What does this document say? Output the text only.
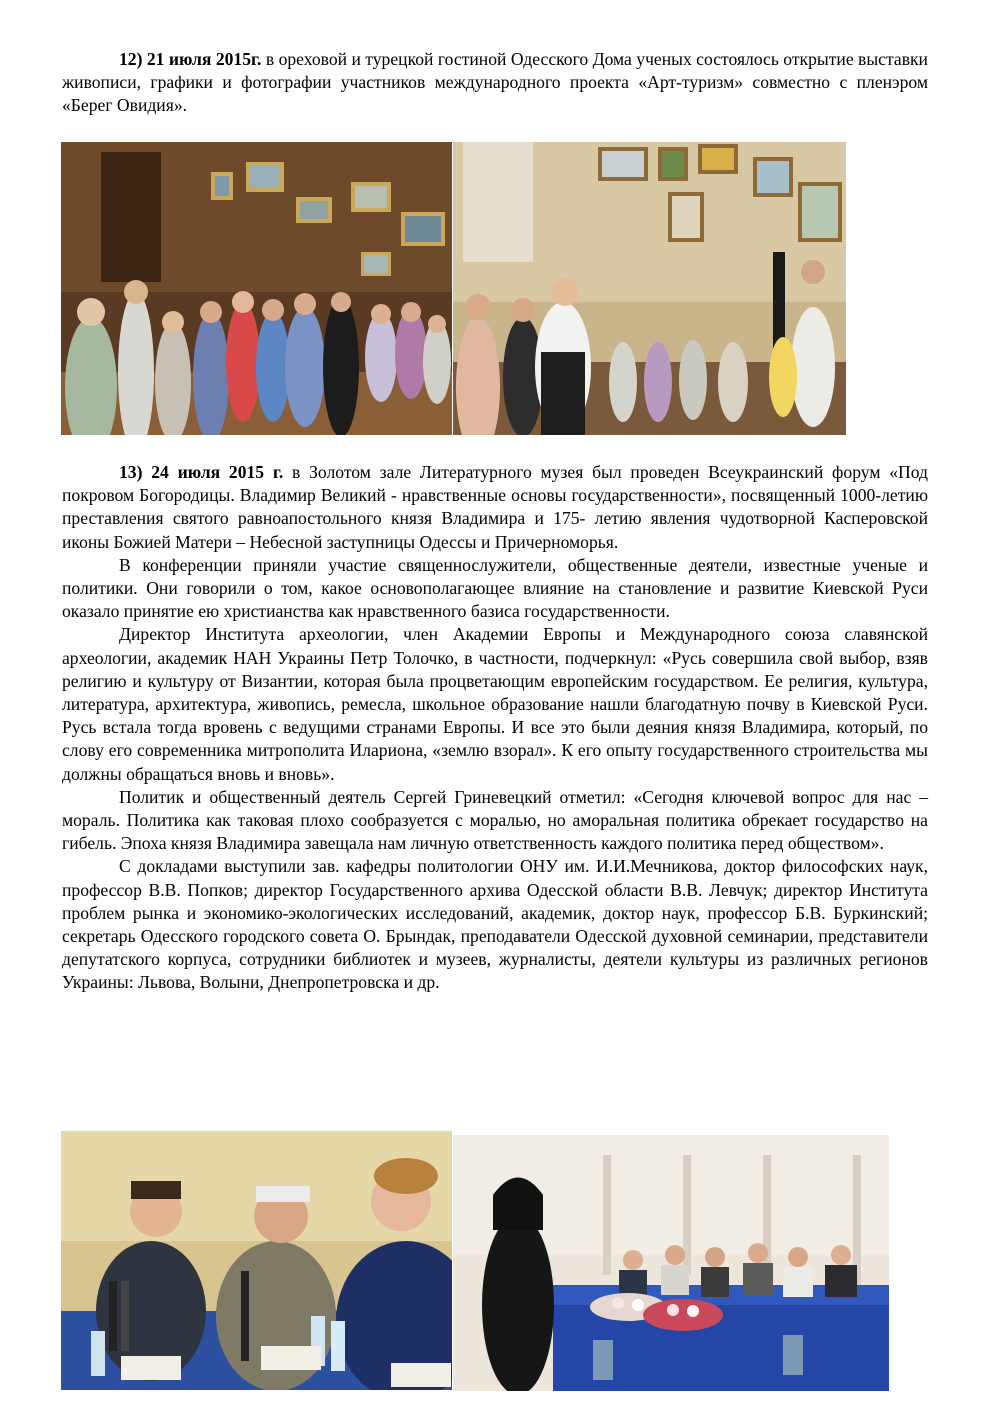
12) 21 июля 2015г. в ореховой и турецкой гостиной Одесского Дома ученых состоялось открытие выставки живописи, графики и фотографии участников международного проекта «Арт-туризм» совместно с пленэром «Берег Овидия».

13) 24 июля 2015 г. в Золотом зале Литературного музея был проведен Всеукраинский форум «Под покровом Богородицы. Владимир Великий - нравственные основы государственности», посвященный 1000-летию преставления святого равноапостольного князя Владимира и 175- летию явления чудотворной Касперовской иконы Божией Матери – Небесной заступницы Одессы и Причерноморья.

В конференции приняли участие священнослужители, общественные деятели, известные ученые и политики. Они говорили о том, какое основополагающее влияние на становление и развитие Киевской Руси оказало принятие ею христианства как нравственного базиса государственности.

Директор Института археологии, член Академии Европы и Международного союза славянской археологии, академик НАН Украины Петр Толочко, в частности, подчеркнул: «Русь совершила свой выбор, взяв религию и культуру от Византии, которая была процветающим европейским государством. Ее религия, культура, литература, архитектура, живопись, ремесла, школьное образование нашли благодатную почву в Киевской Руси. Русь встала тогда вровень с ведущими странами Европы. И все это были деяния князя Владимира, который, по слову его современника митрополита Илариона, «землю взорал». К его опыту государственного строительства мы должны обращаться вновь и вновь».

Политик и общественный деятель Сергей Гриневецкий отметил: «Сегодня ключевой вопрос для нас – мораль. Политика как таковая плохо сообразуется с моралью, но аморальная политика обрекает государство на гибель. Эпоха князя Владимира завещала нам личную ответственность каждого политика перед обществом».

С докладами выступили зав. кафедры политологии ОНУ им. И.И.Мечникова, доктор философских наук, профессор В.В. Попков; директор Государственного архива Одесской области В.В. Левчук; директор Института проблем рынка и экономико-экологических исследований, академик, доктор наук, профессор Б.В. Буркинский; секретарь Одесского городского совета О. Брындак, преподаватели Одесской духовной семинарии, представители депутатского корпуса, сотрудники библиотек и музеев, журналисты, деятели культуры из различных регионов Украины: Львова, Волыни, Днепропетровска и др.
